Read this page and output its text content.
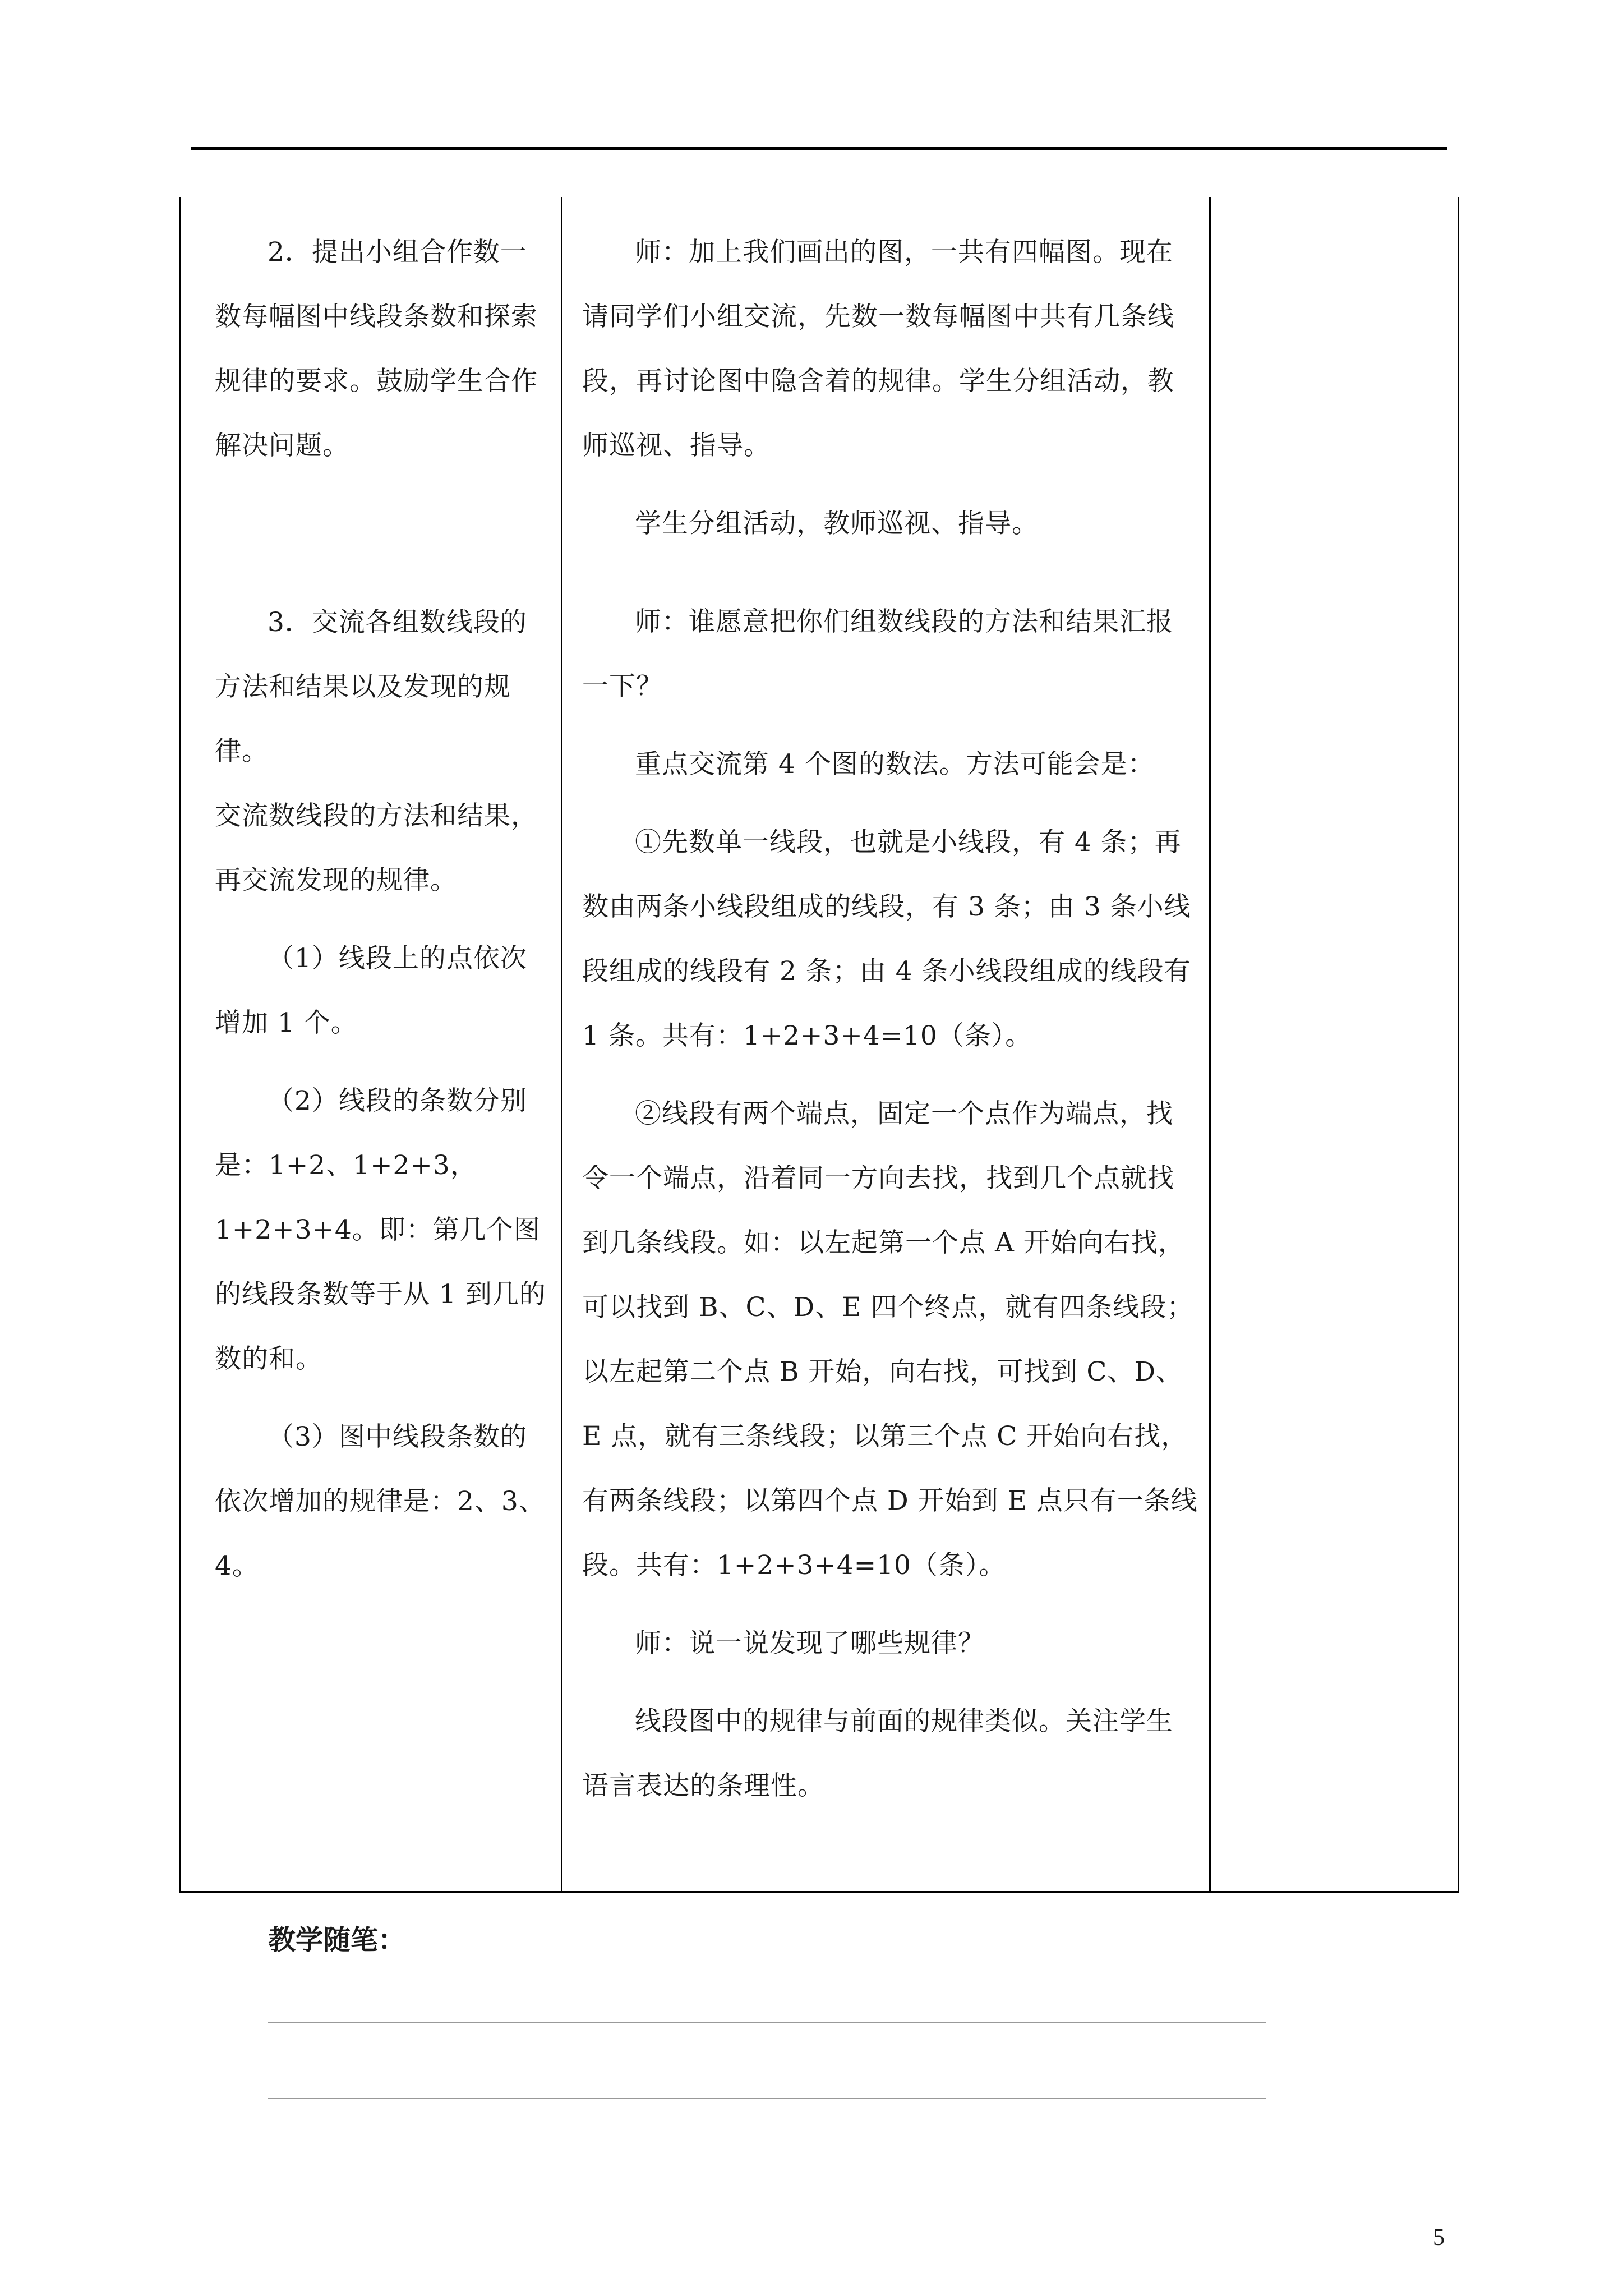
2．提出小组合作数一数每幅图中线段条数和探索规律的要求。鼓励学生合作解决问题。

3．交流各组数线段的方法和结果以及发现的规律。

交流数线段的方法和结果，再交流发现的规律。

（1）线段上的点依次增加 1 个。

（2）线段的条数分别是：1+2、1+2+3，1+2+3+4。即：第几个图的线段条数等于从 1 到几的数的和。

（3）图中线段条数的依次增加的规律是：2、3、4。

师：加上我们画出的图，一共有四幅图。现在请同学们小组交流，先数一数每幅图中共有几条线段，再讨论图中隐含着的规律。学生分组活动，教师巡视、指导。

学生分组活动，教师巡视、指导。

师：谁愿意把你们组数线段的方法和结果汇报一下？

重点交流第 4 个图的数法。方法可能会是：

①先数单一线段，也就是小线段，有 4 条；再数由两条小线段组成的线段，有 3 条；由 3 条小线段组成的线段有 2 条；由 4 条小线段组成的线段有 1 条。共有：1+2+3+4=10（条）。

②线段有两个端点，固定一个点作为端点，找令一个端点，沿着同一方向去找，找到几个点就找到几条线段。如：以左起第一个点 A 开始向右找，可以找到 B、C、D、E 四个终点，就有四条线段；以左起第二个点 B 开始，向右找，可找到 C、D、E 点，就有三条线段；以第三个点 C 开始向右找，有两条线段；以第四个点 D 开始到 E 点只有一条线段。共有：1+2+3+4=10（条）。

师：说一说发现了哪些规律？

线段图中的规律与前面的规律类似。关注学生语言表达的条理性。

教学随笔：
5
